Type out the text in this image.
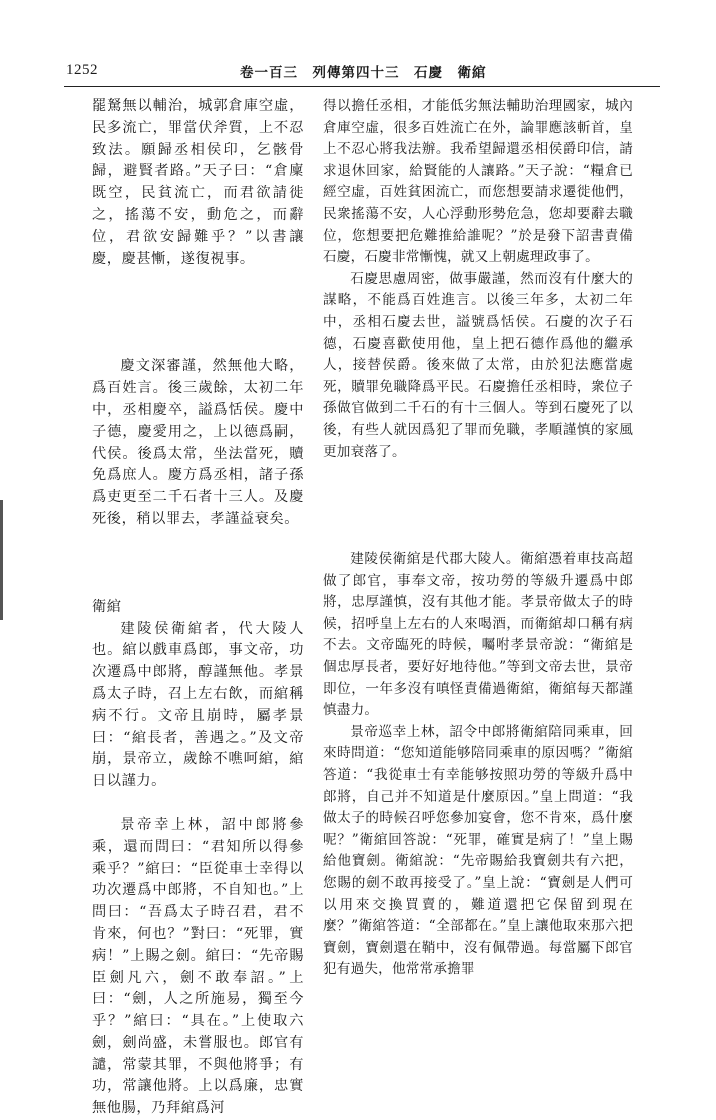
1252	卷一百三　列傳第四十三　石慶　衛綰

罷駑無以輔治，城郭倉庫空虛，民多流亡，罪當伏斧質，上不忍致法。願歸丞相侯印，乞骸骨歸，避賢者路。”天子曰：“倉廩既空，民貧流亡，而君欲請徙之，搖蕩不安，動危之，而辭位，君欲安歸難乎？”以書讓慶，慶甚慚，遂復視事。

慶文深審謹，然無他大略，爲百姓言。後三歲餘，太初二年中，丞相慶卒，謚爲恬侯。慶中子德，慶愛用之，上以德爲嗣，代侯。後爲太常，坐法當死，贖免爲庶人。慶方爲丞相，諸子孫爲吏更至二千石者十三人。及慶死後，稍以罪去，孝謹益衰矣。

衛綰

建陵侯衛綰者，代大陵人也。綰以戲車爲郎，事文帝，功次遷爲中郎將，醇謹無他。孝景爲太子時，召上左右飲，而綰稱病不行。文帝且崩時，屬孝景曰：“綰長者，善遇之。”及文帝崩，景帝立，歲餘不噍呵綰，綰日以謹力。

景帝幸上林，詔中郎將參乘，還而問曰：“君知所以得參乘乎？”綰曰：“臣從車士幸得以功次遷爲中郎將，不自知也。”上問曰：“吾爲太子時召君，君不肯來，何也？”對曰：“死罪，實病！”上賜之劍。綰曰：“先帝賜臣劍凡六，劍不敢奉詔。”上曰：“劍，人之所施易，獨至今乎？”綰曰：“具在。”上使取六劍，劍尚盛，未嘗服也。郎官有譴，常蒙其罪，不與他將爭；有功，常讓他將。上以爲廉，忠實無他腸，乃拜綰爲河

得以擔任丞相，才能低劣無法輔助治理國家，城內倉庫空虛，很多百姓流亡在外，論罪應該斬首，皇上不忍心將我法辦。我希望歸還丞相侯爵印信，請求退休回家，給賢能的人讓路。”天子說：“糧倉已經空虛，百姓貧困流亡，而您想要請求遷徙他們，民衆搖蕩不安，人心浮動形勢危急，您却要辭去職位，您想要把危難推給誰呢？”於是發下詔書責備石慶，石慶非常慚愧，就又上朝處理政事了。

石慶思慮周密，做事嚴謹，然而沒有什麼大的謀略，不能爲百姓進言。以後三年多，太初二年中，丞相石慶去世，謚號爲恬侯。石慶的次子石德，石慶喜歡使用他，皇上把石德作爲他的繼承人，接替侯爵。後來做了太常，由於犯法應當處死，贖罪免職降爲平民。石慶擔任丞相時，衆位子孫做官做到二千石的有十三個人。等到石慶死了以後，有些人就因爲犯了罪而免職，孝順謹慎的家風更加衰落了。

建陵侯衛綰是代郡大陵人。衛綰憑着車技高超做了郎官，事奉文帝，按功勞的等級升遷爲中郎將，忠厚謹慎，沒有其他才能。孝景帝做太子的時候，招呼皇上左右的人來喝酒，而衛綰却口稱有病不去。文帝臨死的時候，囑咐孝景帝說：“衛綰是個忠厚長者，要好好地待他。”等到文帝去世，景帝即位，一年多沒有嗔怪責備過衛綰，衛綰每天都謹慎盡力。

景帝巡幸上林，詔令中郎將衛綰陪同乘車，回來時問道：“您知道能够陪同乘車的原因嗎？”衛綰答道：“我從車士有幸能够按照功勞的等級升爲中郎將，自己并不知道是什麼原因。”皇上問道：“我做太子的時候召呼您參加宴會，您不肯來，爲什麼呢？”衛綰回答說：“死罪，確實是病了！”皇上賜給他寶劍。衛綰說：“先帝賜給我寶劍共有六把，您賜的劍不敢再接受了。”皇上說：“寶劍是人們可以用來交換買賣的，難道還把它保留到現在麼？”衛綰答道：“全部都在。”皇上讓他取來那六把寶劍，寶劍還在鞘中，沒有佩帶過。每當屬下郎官犯有過失，他常常承擔罪
